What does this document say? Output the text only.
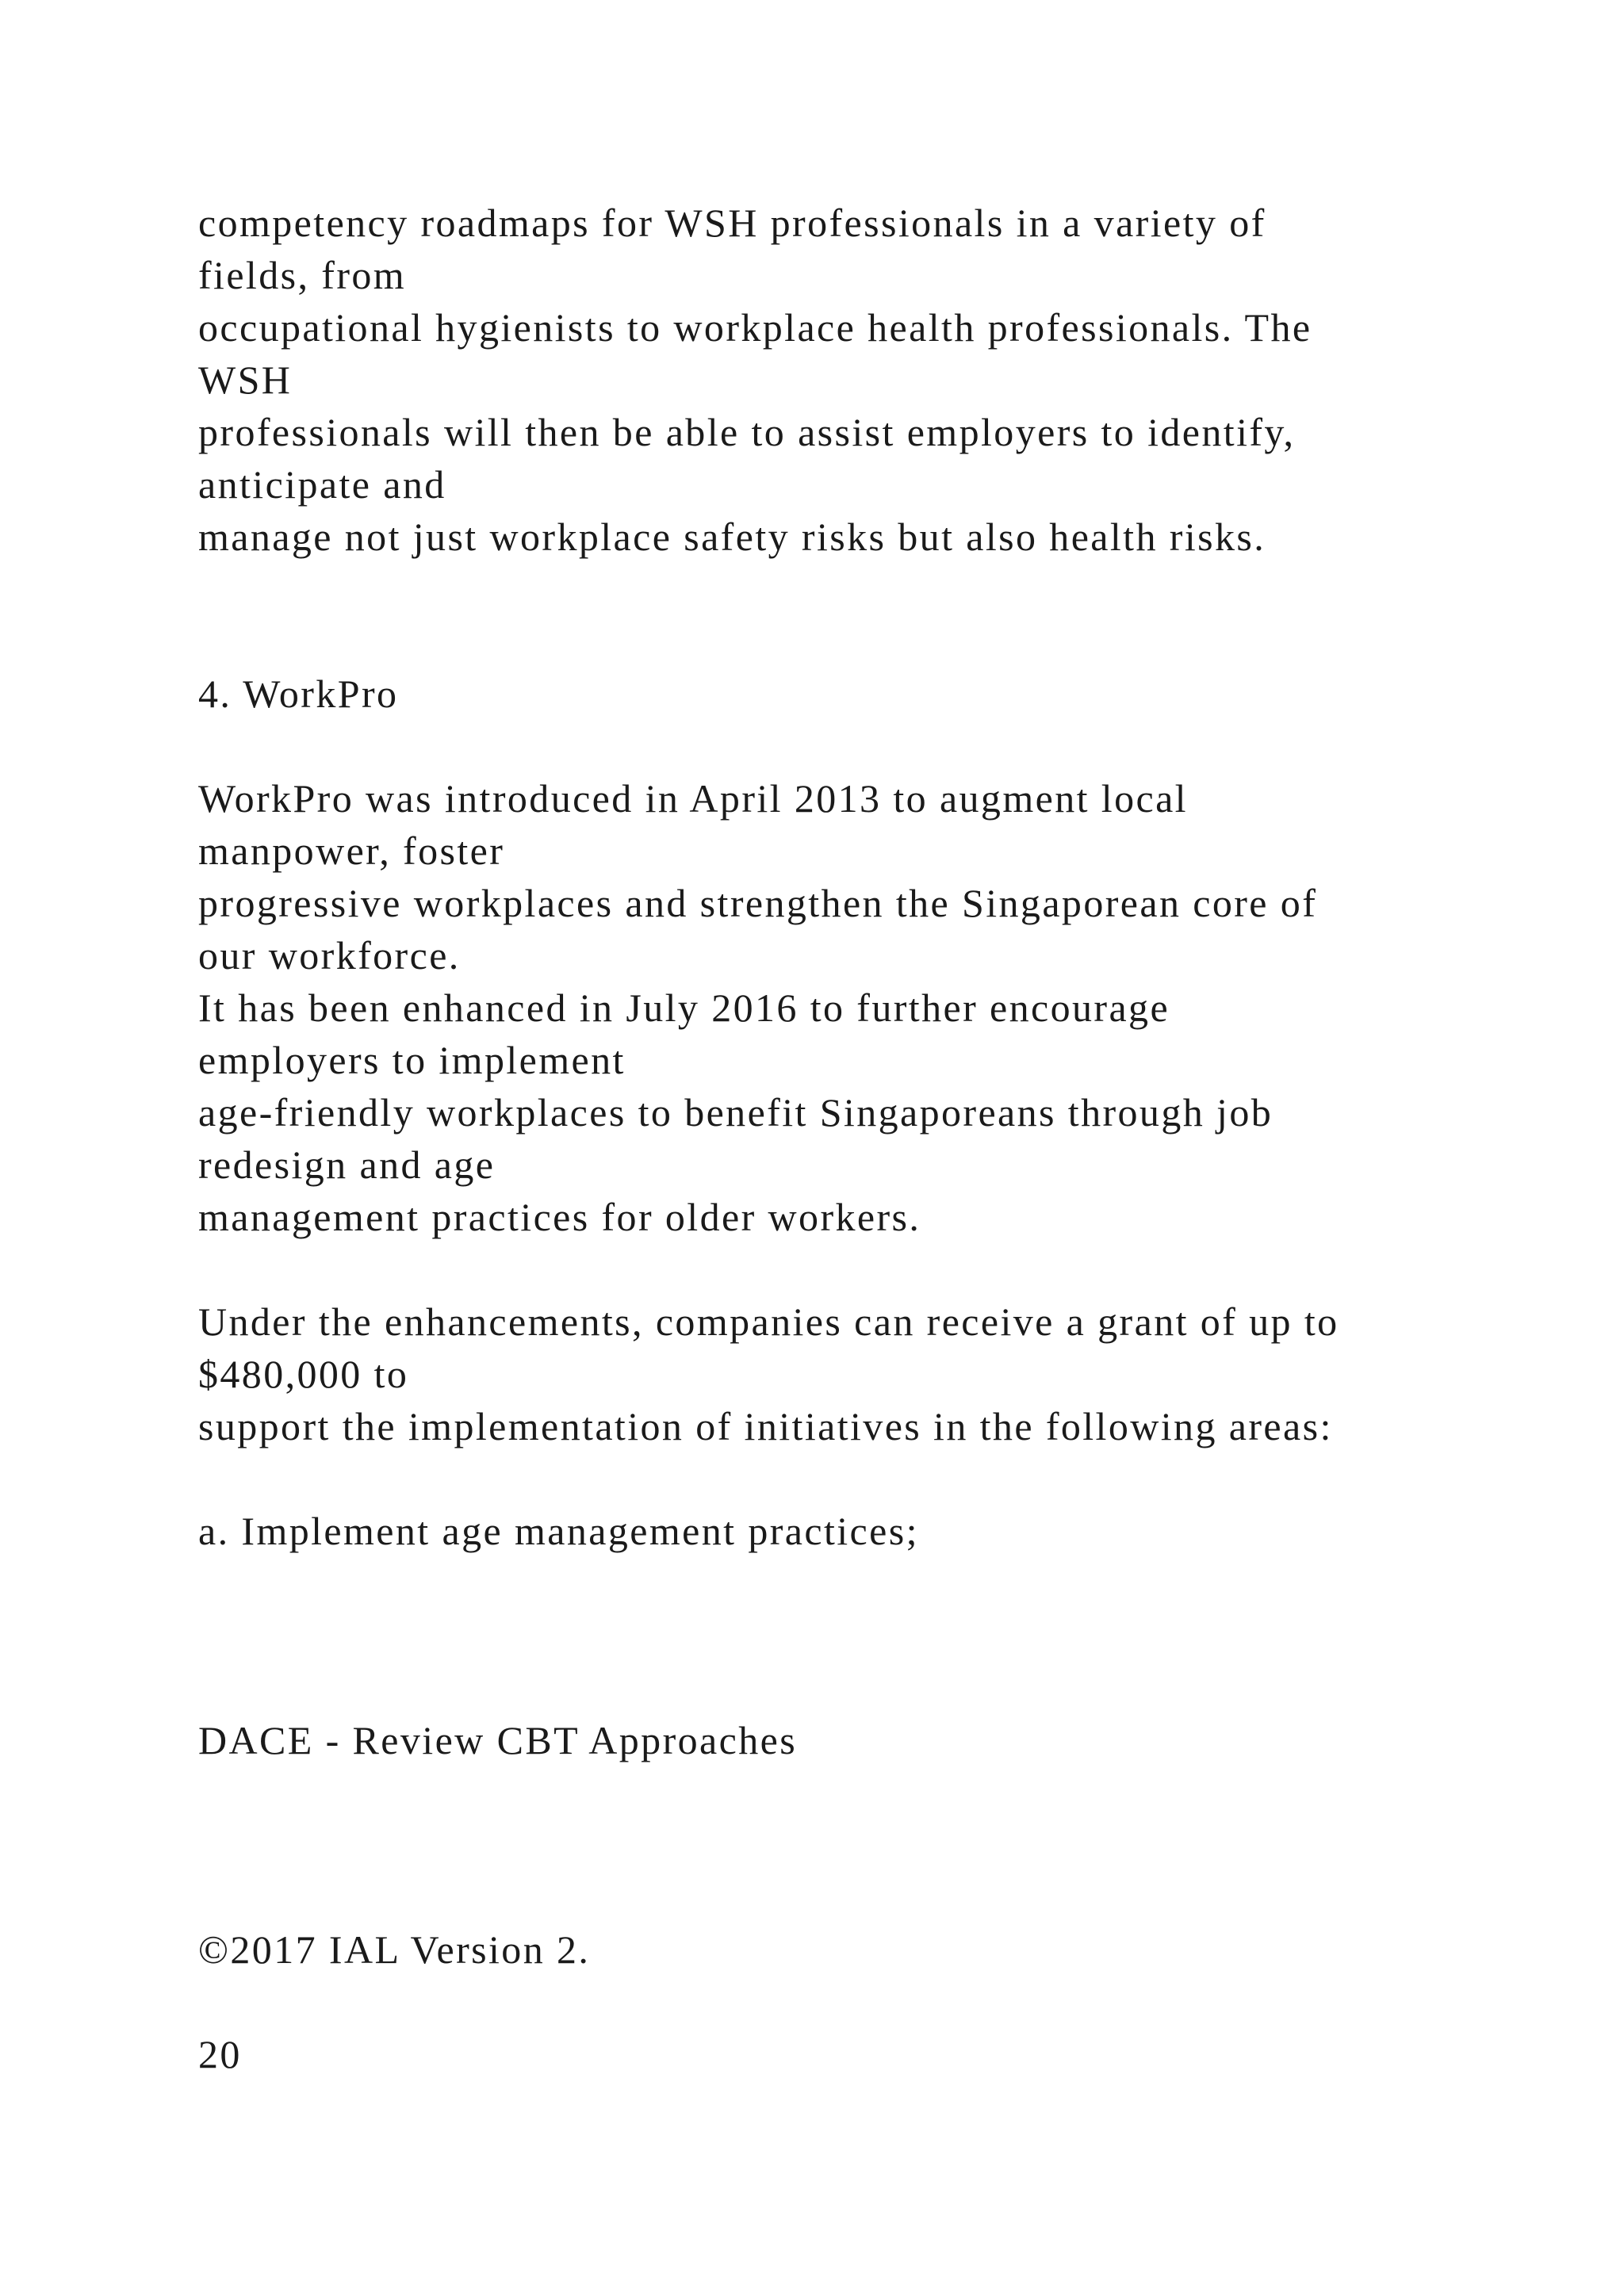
competency roadmaps for WSH professionals in a variety of

fields, from

occupational hygienists to workplace health professionals. The

WSH

professionals will then be able to assist employers to identify,

anticipate and

manage not just workplace safety risks but also health risks.

4. WorkPro

WorkPro was introduced in April 2013 to augment local

manpower, foster

progressive workplaces and strengthen the Singaporean core of

our workforce.

It has been enhanced in July 2016 to further encourage

employers to implement

age-friendly workplaces to benefit Singaporeans through job

redesign and age

management practices for older workers.

Under the enhancements, companies can receive a grant of up to

$480,000 to

support the implementation of initiatives in the following areas:

a. Implement age management practices;

DACE - Review CBT Approaches

©2017 IAL Version 2.

20
